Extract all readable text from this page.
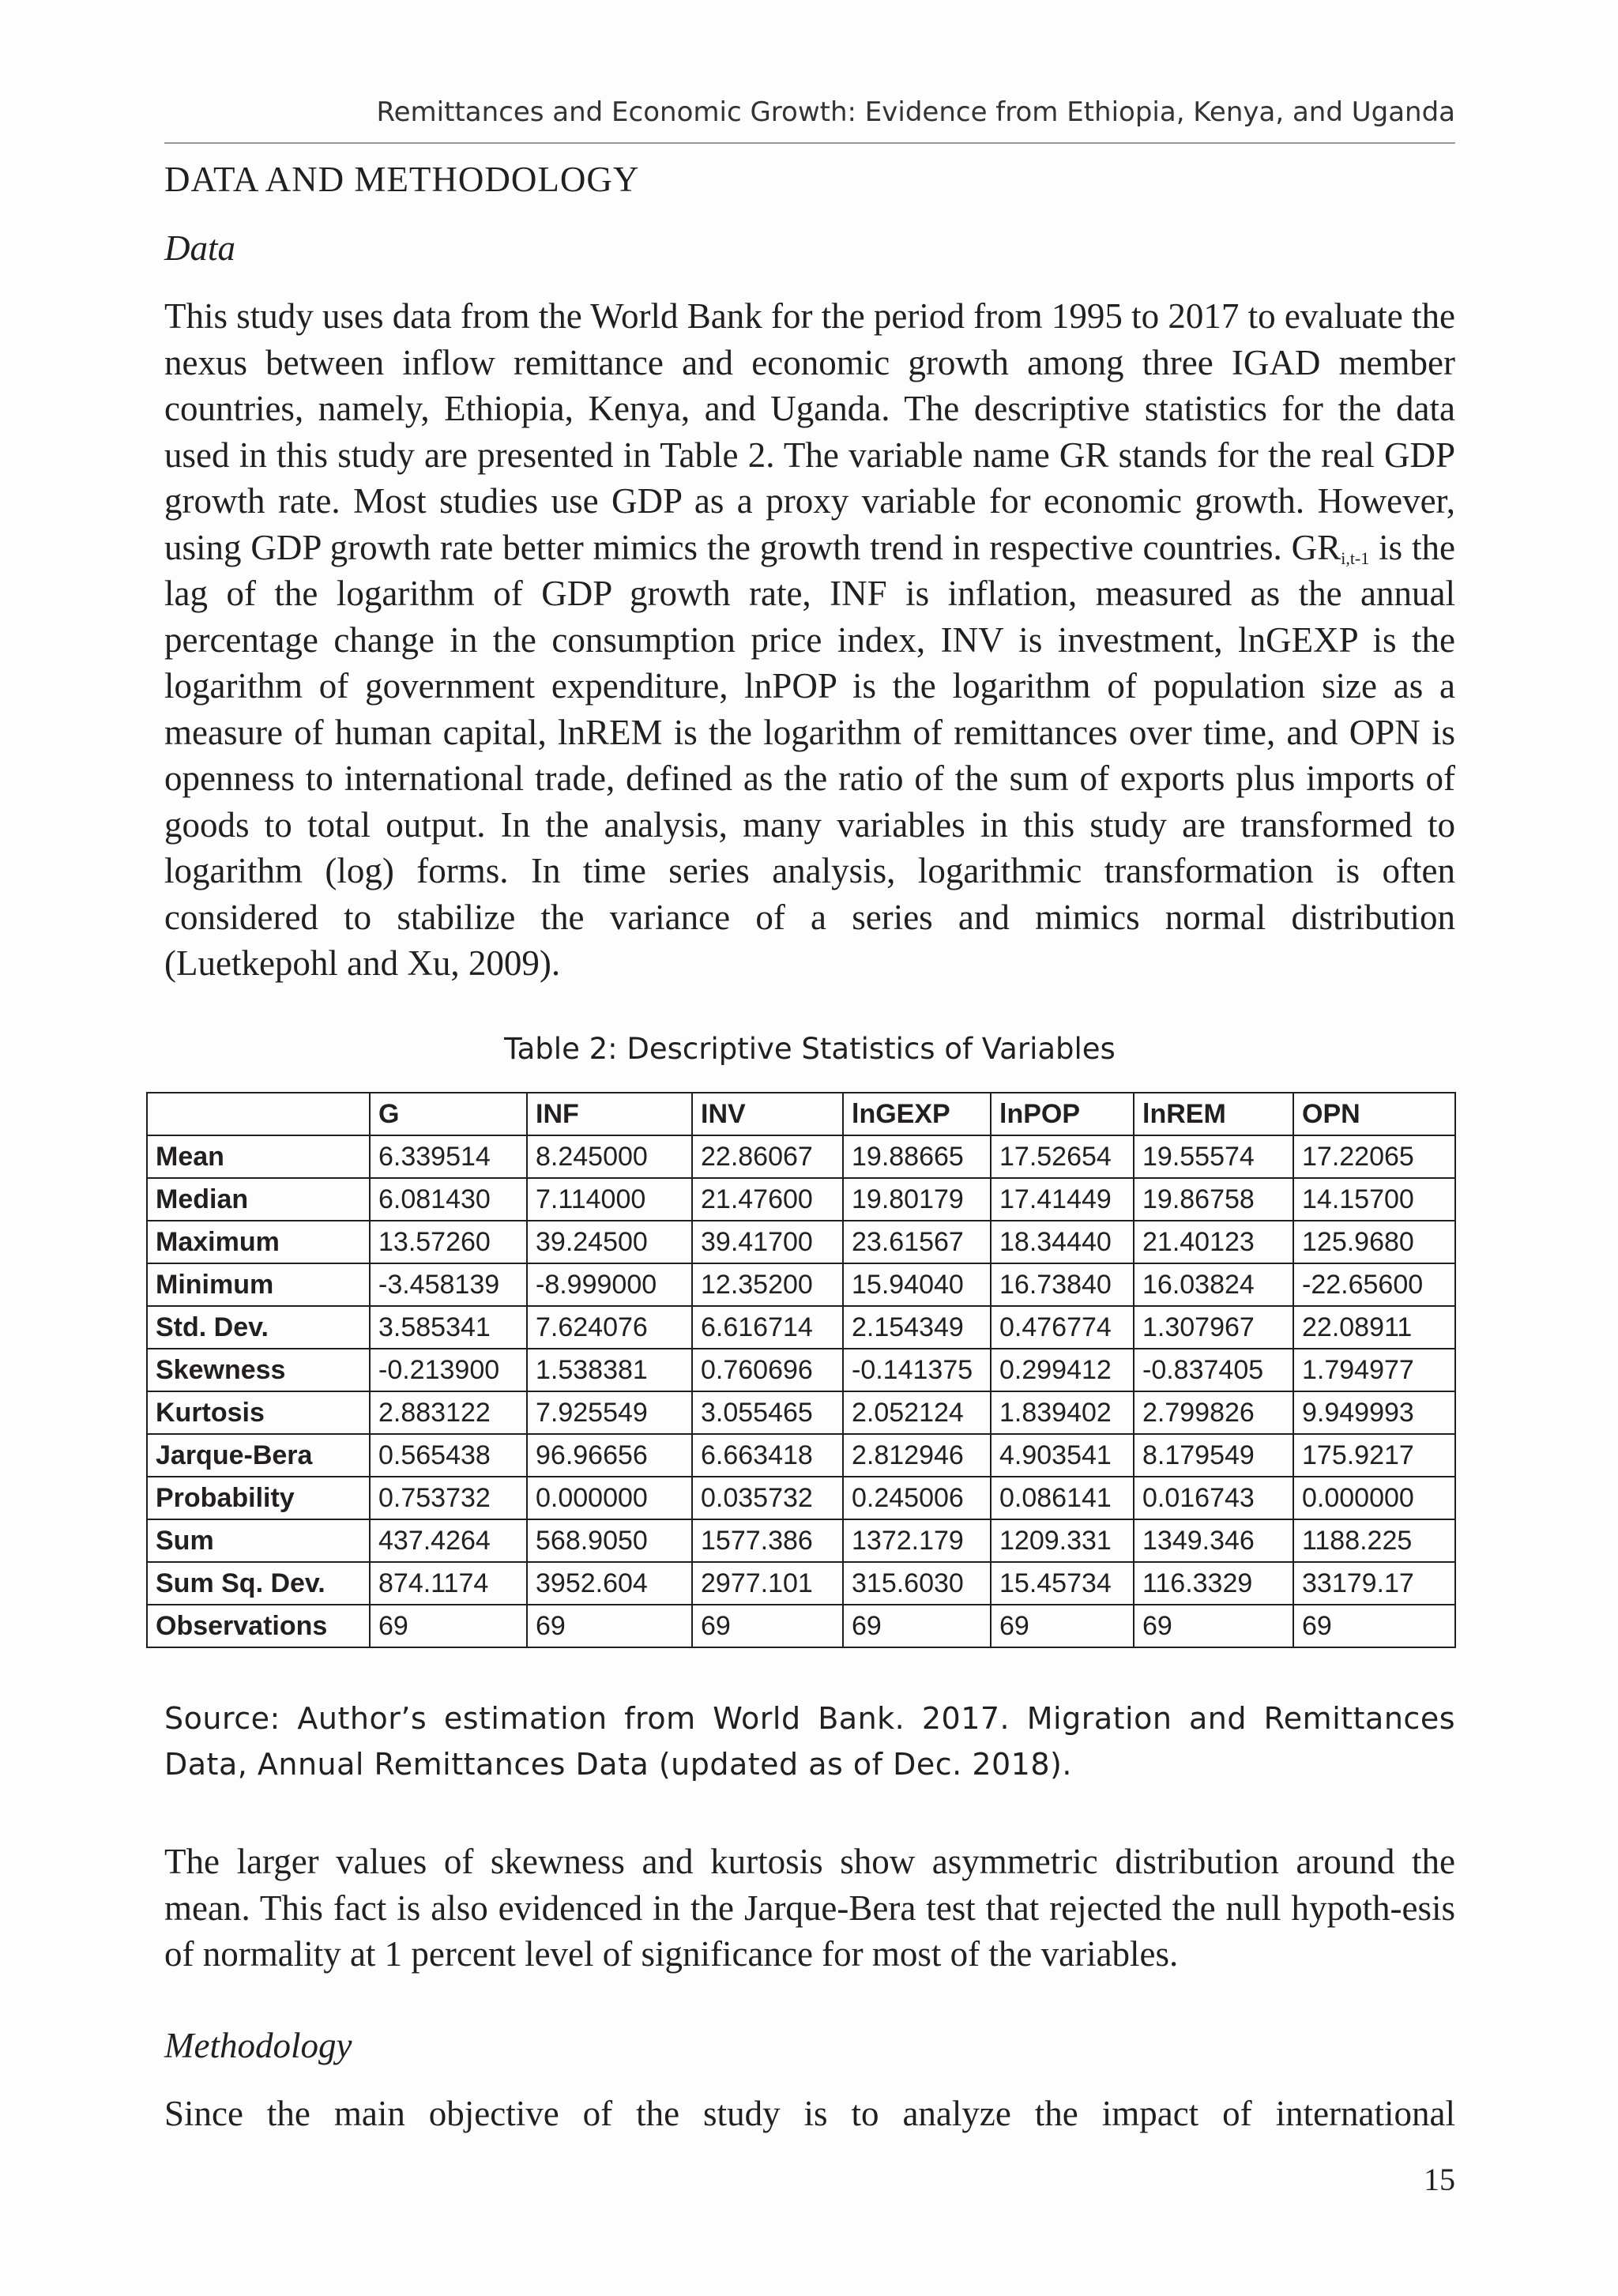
Remittances and Economic Growth: Evidence from Ethiopia, Kenya, and Uganda
DATA AND METHODOLOGY
Data
This study uses data from the World Bank for the period from 1995 to 2017 to evaluate the nexus between inflow remittance and economic growth among three IGAD member countries, namely, Ethiopia, Kenya, and Uganda. The descriptive statistics for the data used in this study are presented in Table 2. The variable name GR stands for the real GDP growth rate. Most studies use GDP as a proxy variable for economic growth. However, using GDP growth rate better mimics the growth trend in respective countries. $GR_{i,t-1}$ is the lag of the logarithm of GDP growth rate, INF is inflation, measured as the annual percentage change in the consumption price index, INV is investment, lnGEXP is the logarithm of government expenditure, lnPOP is the logarithm of population size as a measure of human capital, lnREM is the logarithm of remittances over time, and OPN is openness to international trade, defined as the ratio of the sum of exports plus imports of goods to total output. In the analysis, many variables in this study are transformed to logarithm (log) forms. In time series analysis, logarithmic transformation is often considered to stabilize the variance of a series and mimics normal distribution (Luetkepohl and Xu, 2009).
Table 2: Descriptive Statistics of Variables
	G	INF	INV	lnGEXP	lnPOP	lnREM	OPN
Mean	6.339514	8.245000	22.86067	19.88665	17.52654	19.55574	17.22065
Median	6.081430	7.114000	21.47600	19.80179	17.41449	19.86758	14.15700
Maximum	13.57260	39.24500	39.41700	23.61567	18.34440	21.40123	125.9680
Minimum	-3.458139	-8.999000	12.35200	15.94040	16.73840	16.03824	-22.65600
Std. Dev.	3.585341	7.624076	6.616714	2.154349	0.476774	1.307967	22.08911
Skewness	-0.213900	1.538381	0.760696	-0.141375	0.299412	-0.837405	1.794977
Kurtosis	2.883122	7.925549	3.055465	2.052124	1.839402	2.799826	9.949993
Jarque-Bera	0.565438	96.96656	6.663418	2.812946	4.903541	8.179549	175.9217
Probability	0.753732	0.000000	0.035732	0.245006	0.086141	0.016743	0.000000
Sum	437.4264	568.9050	1577.386	1372.179	1209.331	1349.346	1188.225
Sum Sq. Dev.	874.1174	3952.604	2977.101	315.6030	15.45734	116.3329	33179.17
Observations	69	69	69	69	69	69	69
Source: Author’s estimation from World Bank. 2017. Migration and Remittances Data, Annual Remittances Data (updated as of Dec. 2018).
The larger values of skewness and kurtosis show asymmetric distribution around the mean. This fact is also evidenced in the Jarque-Bera test that rejected the null hypoth-esis of normality at 1 percent level of significance for most of the variables.
Methodology
Since the main objective of the study is to analyze the impact of international
15
